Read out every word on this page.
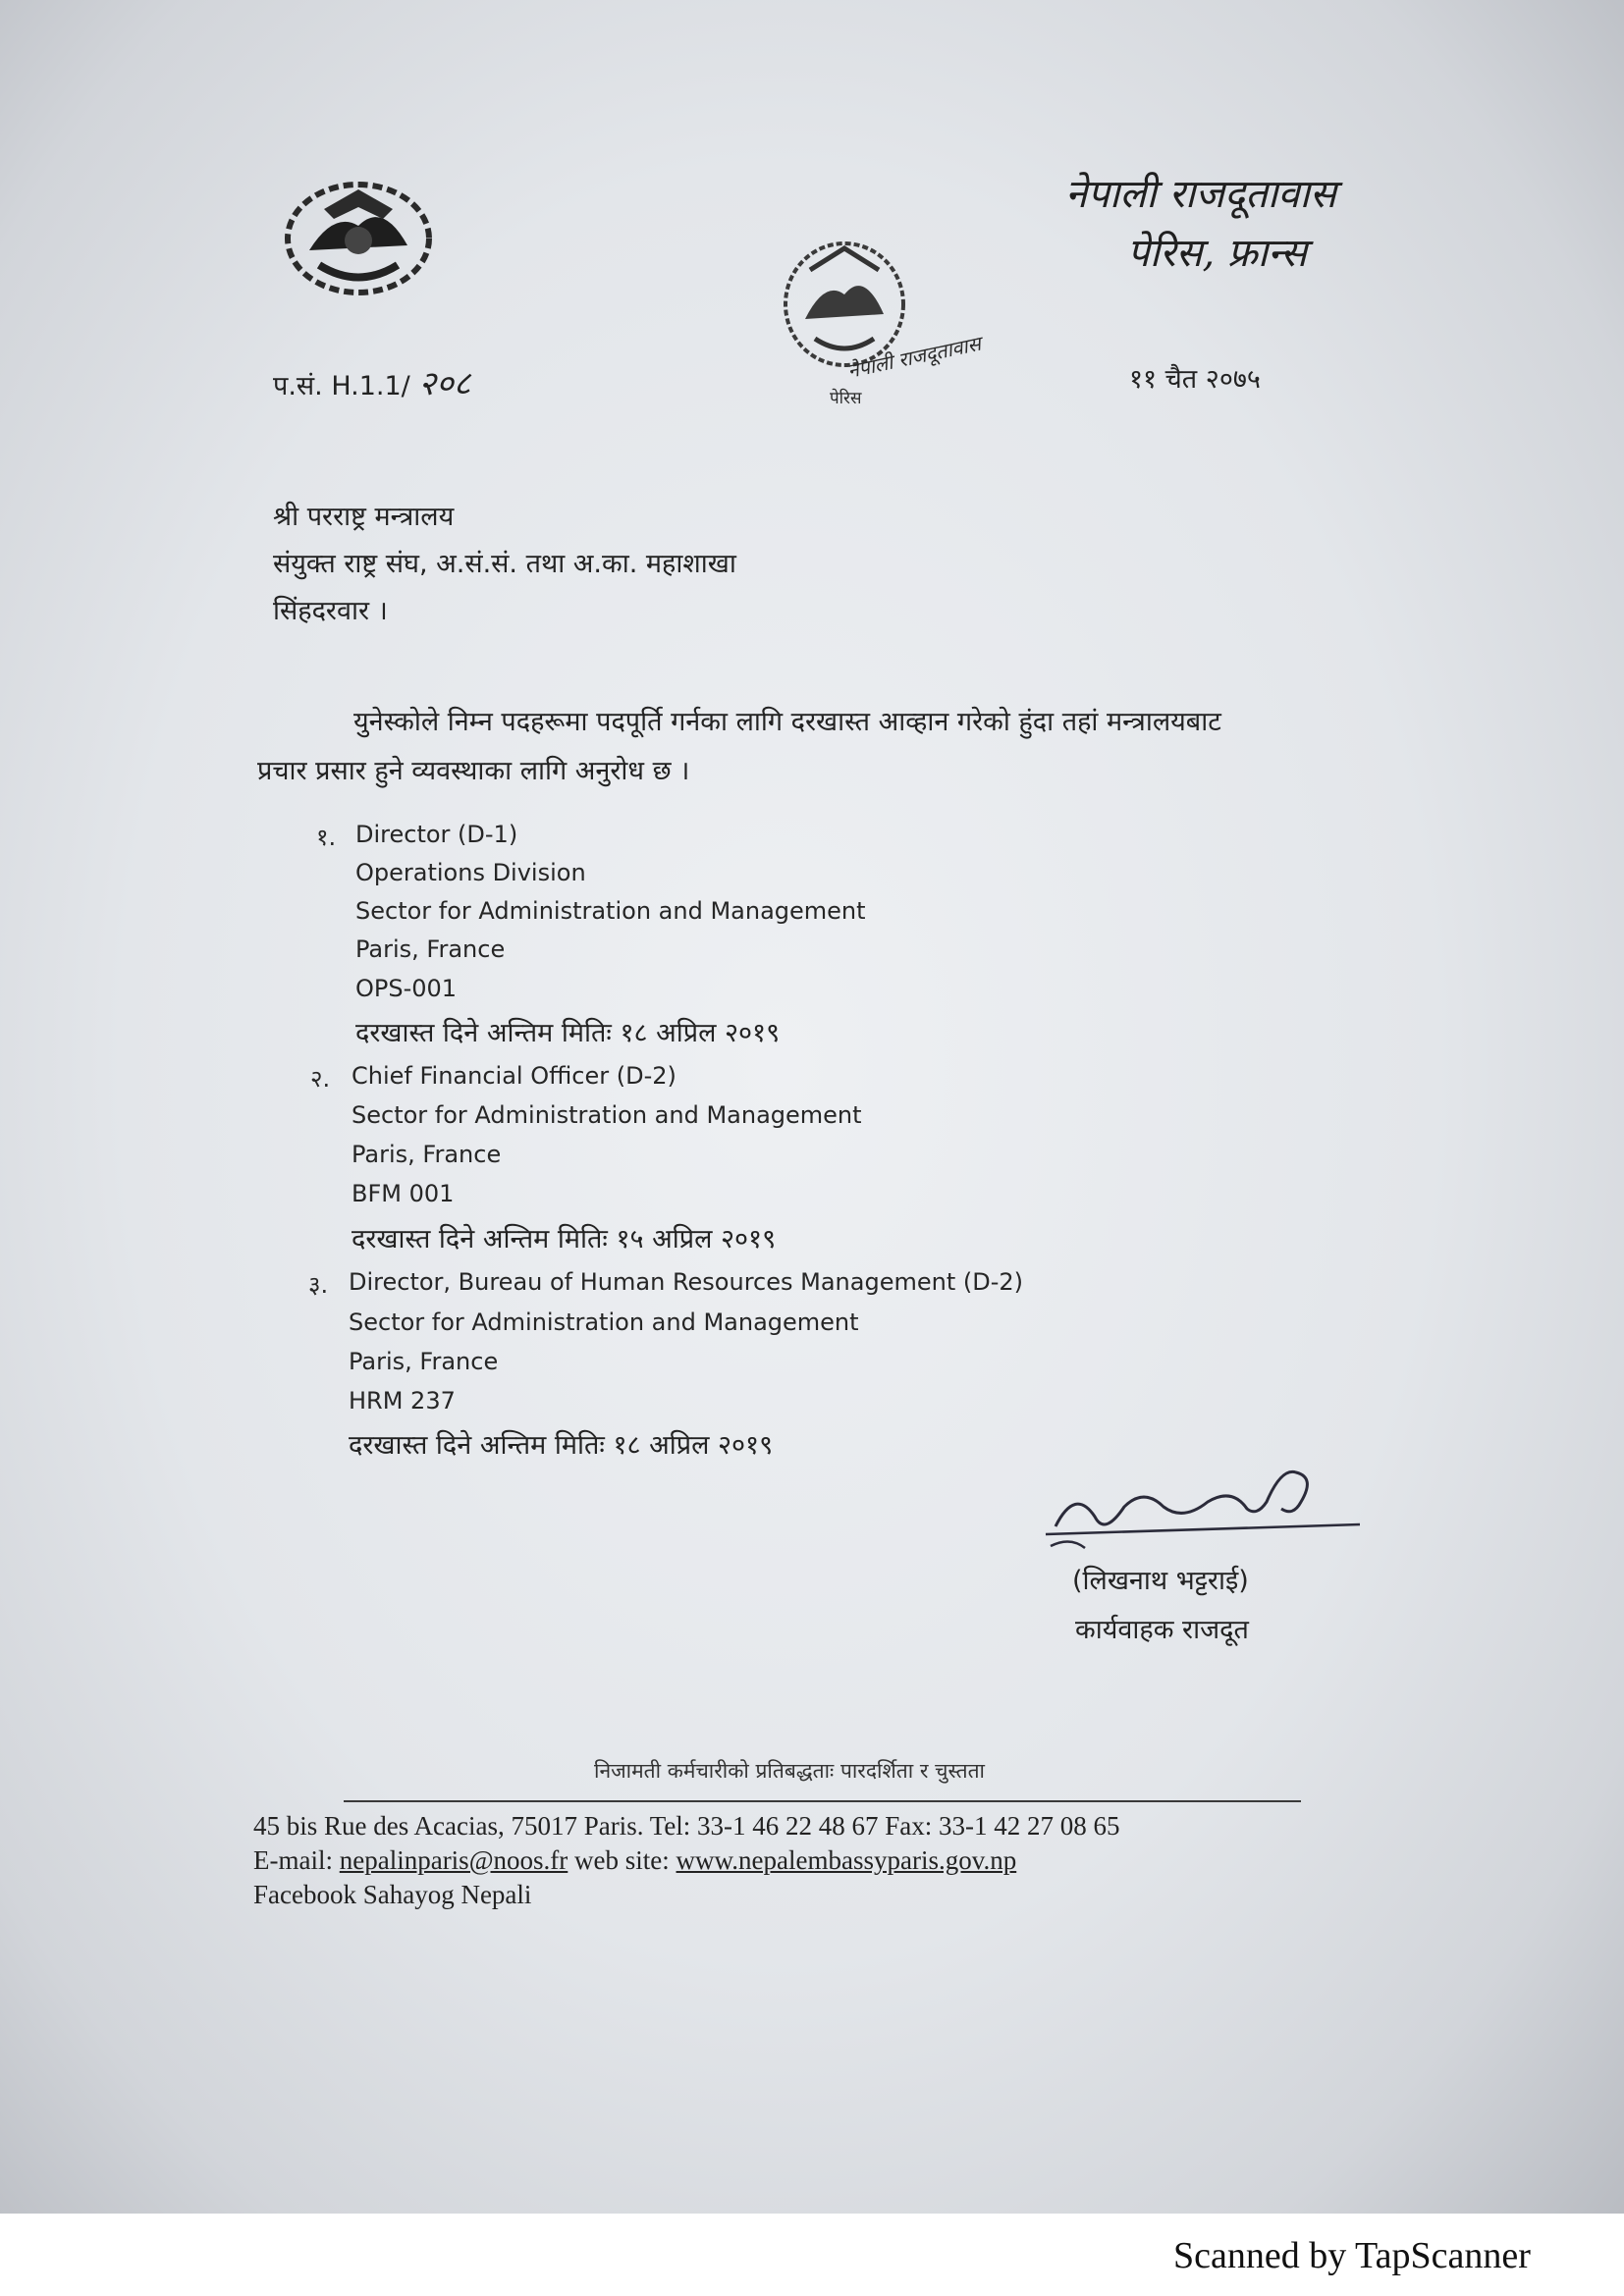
नेपाली राजदूतावास
पेरिस
नेपाली राजदूतावास
पेरिस, फ्रान्स
प.सं. H.1.1/ २०८	११ चैत २०७५
श्री परराष्ट्र मन्त्रालय
संयुक्त राष्ट्र संघ, अ.सं.सं. तथा अ.का. महाशाखा
सिंहदरवार ।
युनेस्कोले निम्न पदहरूमा पदपूर्ति गर्नका लागि दरखास्त आव्हान गरेको हुंदा तहां मन्त्रालयबाट
प्रचार प्रसार हुने व्यवस्थाका लागि अनुरोध छ ।
१. Director (D-1)
Operations Division
Sector for Administration and Management
Paris, France
OPS-001
दरखास्त दिने अन्तिम मितिः १८ अप्रिल २०१९
२. Chief Financial Officer (D-2)
Sector for Administration and Management
Paris, France
BFM 001
दरखास्त दिने अन्तिम मितिः १५ अप्रिल २०१९
३. Director, Bureau of Human Resources Management (D-2)
Sector for Administration and Management
Paris, France
HRM 237
दरखास्त दिने अन्तिम मितिः १८ अप्रिल २०१९
(लिखनाथ भट्टराई)
कार्यवाहक राजदूत
निजामती कर्मचारीको प्रतिबद्धताः पारदर्शिता र चुस्तता
45 bis Rue des Acacias, 75017 Paris. Tel: 33-1 46 22 48 67 Fax: 33-1 42 27 08 65
E-mail: nepalinparis@noos.fr web site: www.nepalembassyparis.gov.np
Facebook Sahayog Nepali
Scanned by TapScanner
